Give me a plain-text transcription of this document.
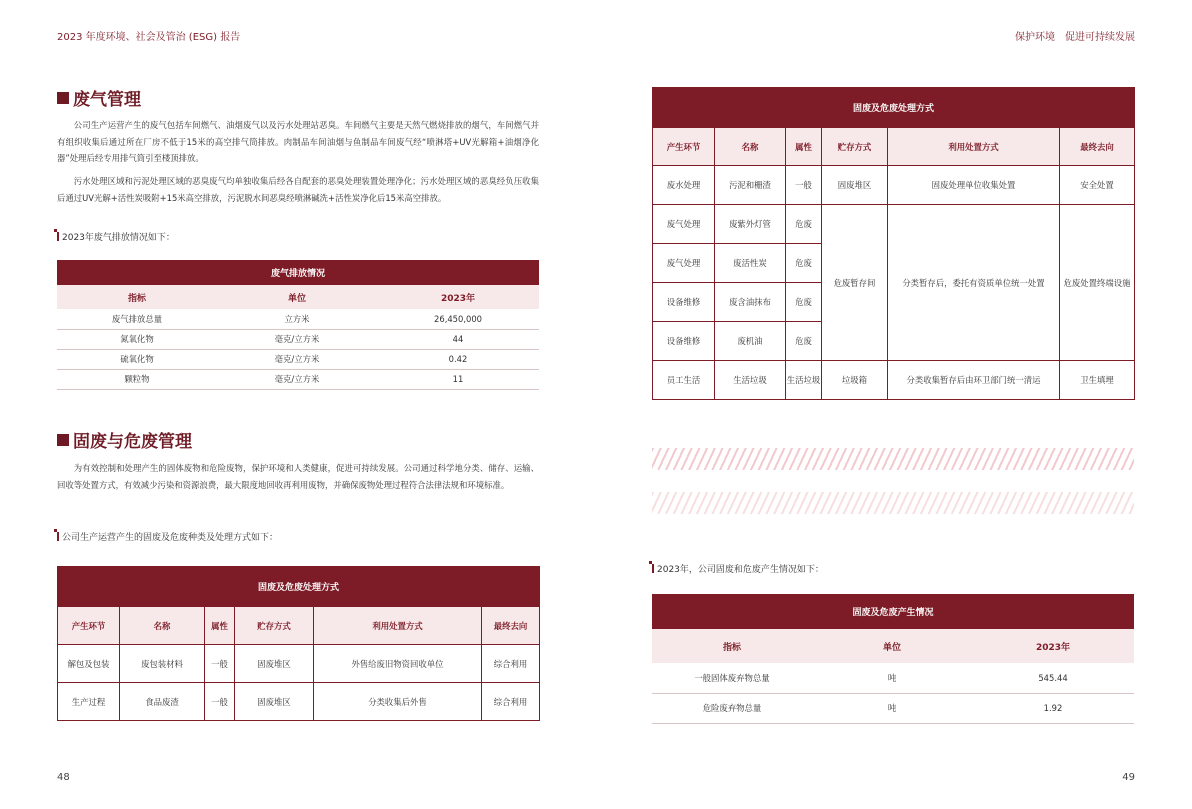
2023 年度环境、社会及管治 (ESG) 报告	保护环境　促进可持续发展
48	49
废气管理

公司生产运营产生的废气包括车间燃气、油烟废气以及污水处理站恶臭。车间燃气主要是天然气燃烧排放的烟气，车间燃气并有组织收集后通过所在厂房不低于15米的高空排气筒排放。肉制品车间油烟与鱼制品车间废气经“喷淋塔+UV光解箱+油烟净化器”处理后经专用排气筒引至楼顶排放。

污水处理区域和污泥处理区域的恶臭废气均单独收集后经各自配套的恶臭处理装置处理净化；污水处理区域的恶臭经负压收集后通过UV光解+活性炭吸附+15米高空排放，污泥脱水间恶臭经喷淋碱洗+活性炭净化后15米高空排放。

2023年废气排放情况如下：
废气排放情况		
指标	单位	2023年
废气排放总量	立方米	26,450,000
氮氧化物	毫克/立方米	44
硫氧化物	毫克/立方米	0.42
颗粒物	毫克/立方米	11
固废与危废管理

为有效控制和处理产生的固体废物和危险废物，保护环境和人类健康，促进可持续发展。公司通过科学地分类、储存、运输、回收等处置方式，有效减少污染和资源浪费，最大限度地回收再利用废物，并确保废物处理过程符合法律法规和环境标准。

公司生产运营产生的固废及危废种类及处理方式如下：
固废及危废处理方式					
产生环节	名称	属性	贮存方式	利用处置方式	最终去向
解包及包装	废包装材料	一般	固废堆区	外售给废旧物资回收单位	综合利用
生产过程	食品废渣	一般	固废堆区	分类收集后外售	综合利用
固废及危废处理方式					
产生环节	名称	属性	贮存方式	利用处置方式	最终去向
废水处理	污泥和栅渣	一般	固废堆区	固废处理单位收集处置	安全处置
废气处理	废紫外灯管	危废	危废暂存间	分类暂存后，委托有资质单位统一处置	危废处置终端设施
废气处理	废活性炭	危废			
设备维修	废含油抹布	危废			
设备维修	废机油	危废			
员工生活	生活垃圾	生活垃圾	垃圾箱	分类收集暂存后由环卫部门统一清运	卫生填埋
2023年，公司固废和危废产生情况如下：
固废及危废产生情况		
指标	单位	2023年
一般固体废弃物总量	吨	545.44
危险废弃物总量	吨	1.92
